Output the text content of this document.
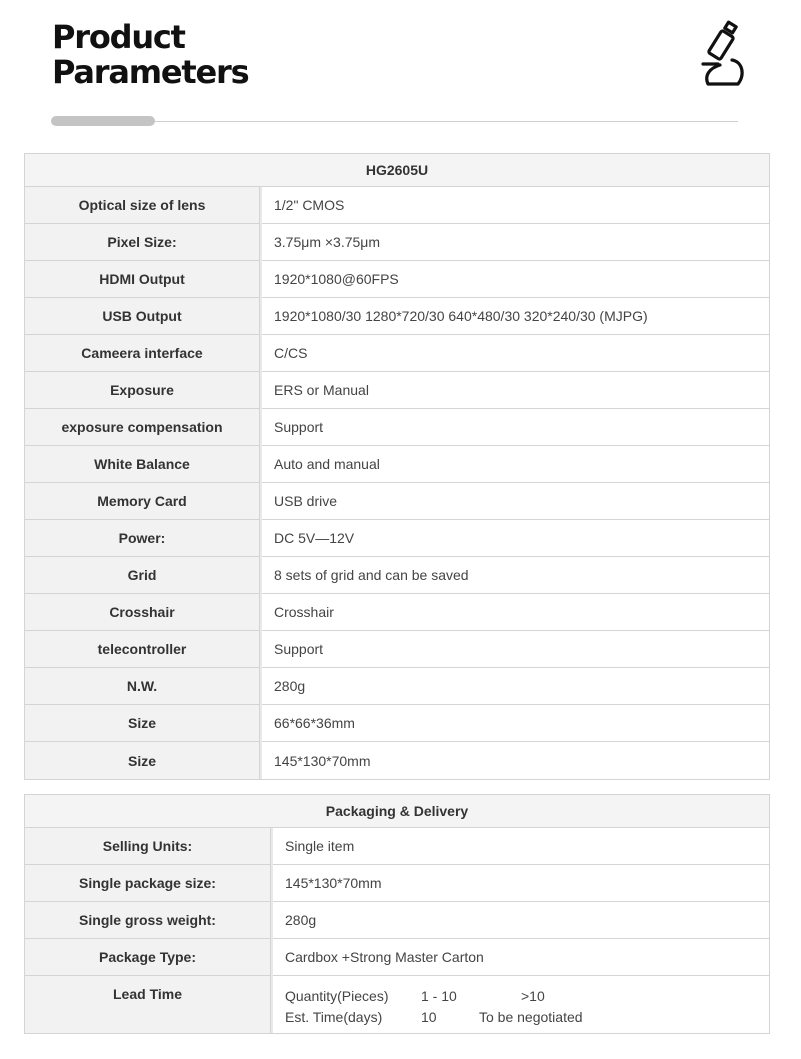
Product
Parameters
HG2605U
Optical size of lens	1/2" CMOS
Pixel Size:	3.75μm ×3.75μm
HDMI Output	1920*1080@60FPS
USB Output	1920*1080/30 1280*720/30 640*480/30 320*240/30 (MJPG)
Cameera interface	C/CS
Exposure	ERS or Manual
exposure compensation	Support
White Balance	Auto and manual
Memory Card	USB drive
Power:	DC 5V—12V
Grid	8 sets of grid and can be saved
Crosshair	Crosshair
telecontroller	Support
N.W.	280g
Size	66*66*36mm
Size	145*130*70mm
Packaging & Delivery
Selling Units:	Single item
Single package size:	145*130*70mm
Single gross weight:	280g
Package Type:	Cardbox +Strong Master Carton
Lead Time	Quantity(Pieces)	1 - 10	>10
Est. Time(days)	10	To be negotiated
